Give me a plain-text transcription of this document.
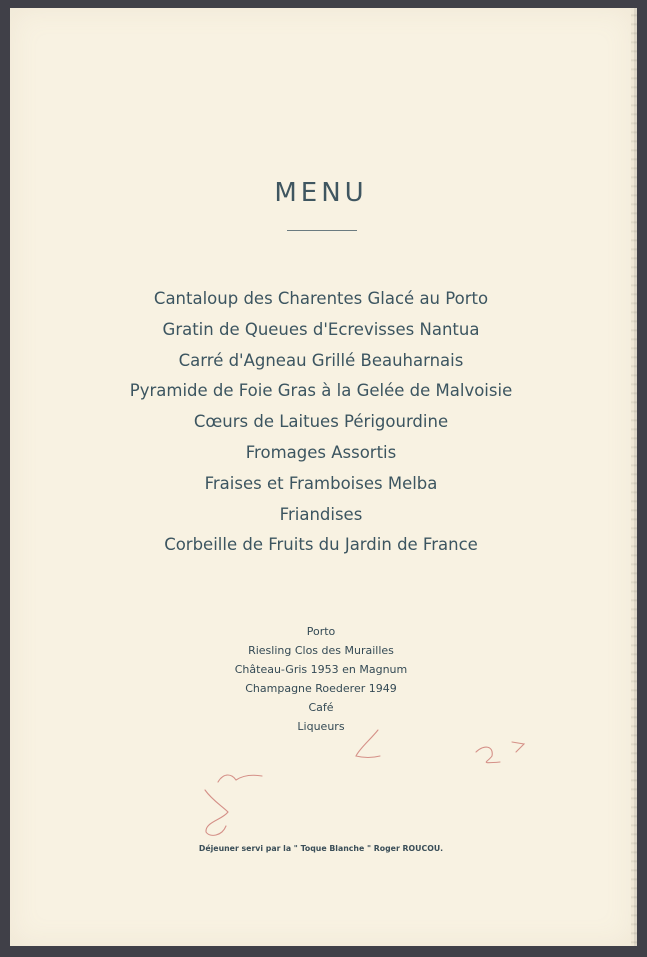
MENU
Cantaloup des Charentes Glacé au Porto
Gratin de Queues d'Ecrevisses Nantua
Carré d'Agneau Grillé Beauharnais
Pyramide de Foie Gras à la Gelée de Malvoisie
Cœurs de Laitues Périgourdine
Fromages Assortis
Fraises et Framboises Melba
Friandises
Corbeille de Fruits du Jardin de France
Porto
Riesling Clos des Murailles
Château-Gris 1953 en Magnum
Champagne Roederer 1949
Café
Liqueurs
Déjeuner servi par la " Toque Blanche " Roger ROUCOU.
